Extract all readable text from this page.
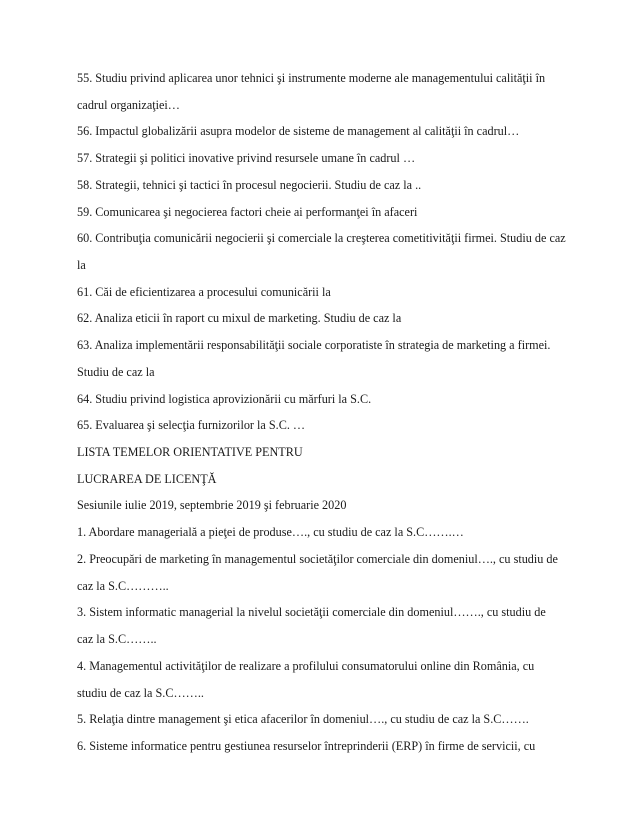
55. Studiu privind aplicarea unor tehnici şi instrumente moderne ale managementului calităţii în
cadrul organizaţiei…
56. Impactul globalizării asupra modelor de sisteme de management al calităţii în cadrul…
57. Strategii şi politici inovative privind resursele umane în cadrul …
58. Strategii, tehnici şi tactici în procesul negocierii. Studiu de caz la ..
59. Comunicarea şi negocierea factori cheie ai performanţei în afaceri
60. Contribuţia comunicării negocierii şi comerciale la creşterea cometitivităţii firmei. Studiu de caz
la
61. Căi de eficientizarea a procesului comunicării la
62. Analiza eticii în raport cu mixul de marketing. Studiu de caz la
63. Analiza implementării responsabilităţii sociale corporatiste în strategia de marketing a firmei.
Studiu de caz la
64. Studiu privind logistica aprovizionării cu mărfuri la S.C.
65. Evaluarea şi selecţia furnizorilor la S.C. …
LISTA TEMELOR ORIENTATIVE PENTRU
LUCRAREA DE LICENŢĂ
Sesiunile iulie 2019, septembrie 2019 şi februarie 2020
1. Abordare managerială a pieţei de produse…., cu studiu de caz la S.C…….…
2. Preocupări de marketing în managementul societăţilor comerciale din domeniul…., cu studiu de
caz la S.C………..
3. Sistem informatic managerial la nivelul societăţii comerciale din domeniul……., cu studiu de
caz la S.C……..
4. Managementul activităţilor de realizare a profilului consumatorului online din România, cu
studiu de caz la S.C……..
5. Relaţia dintre management şi etica afacerilor în domeniul…., cu studiu de caz la S.C…….
6. Sisteme informatice pentru gestiunea resurselor întreprinderii (ERP) în firme de servicii, cu
